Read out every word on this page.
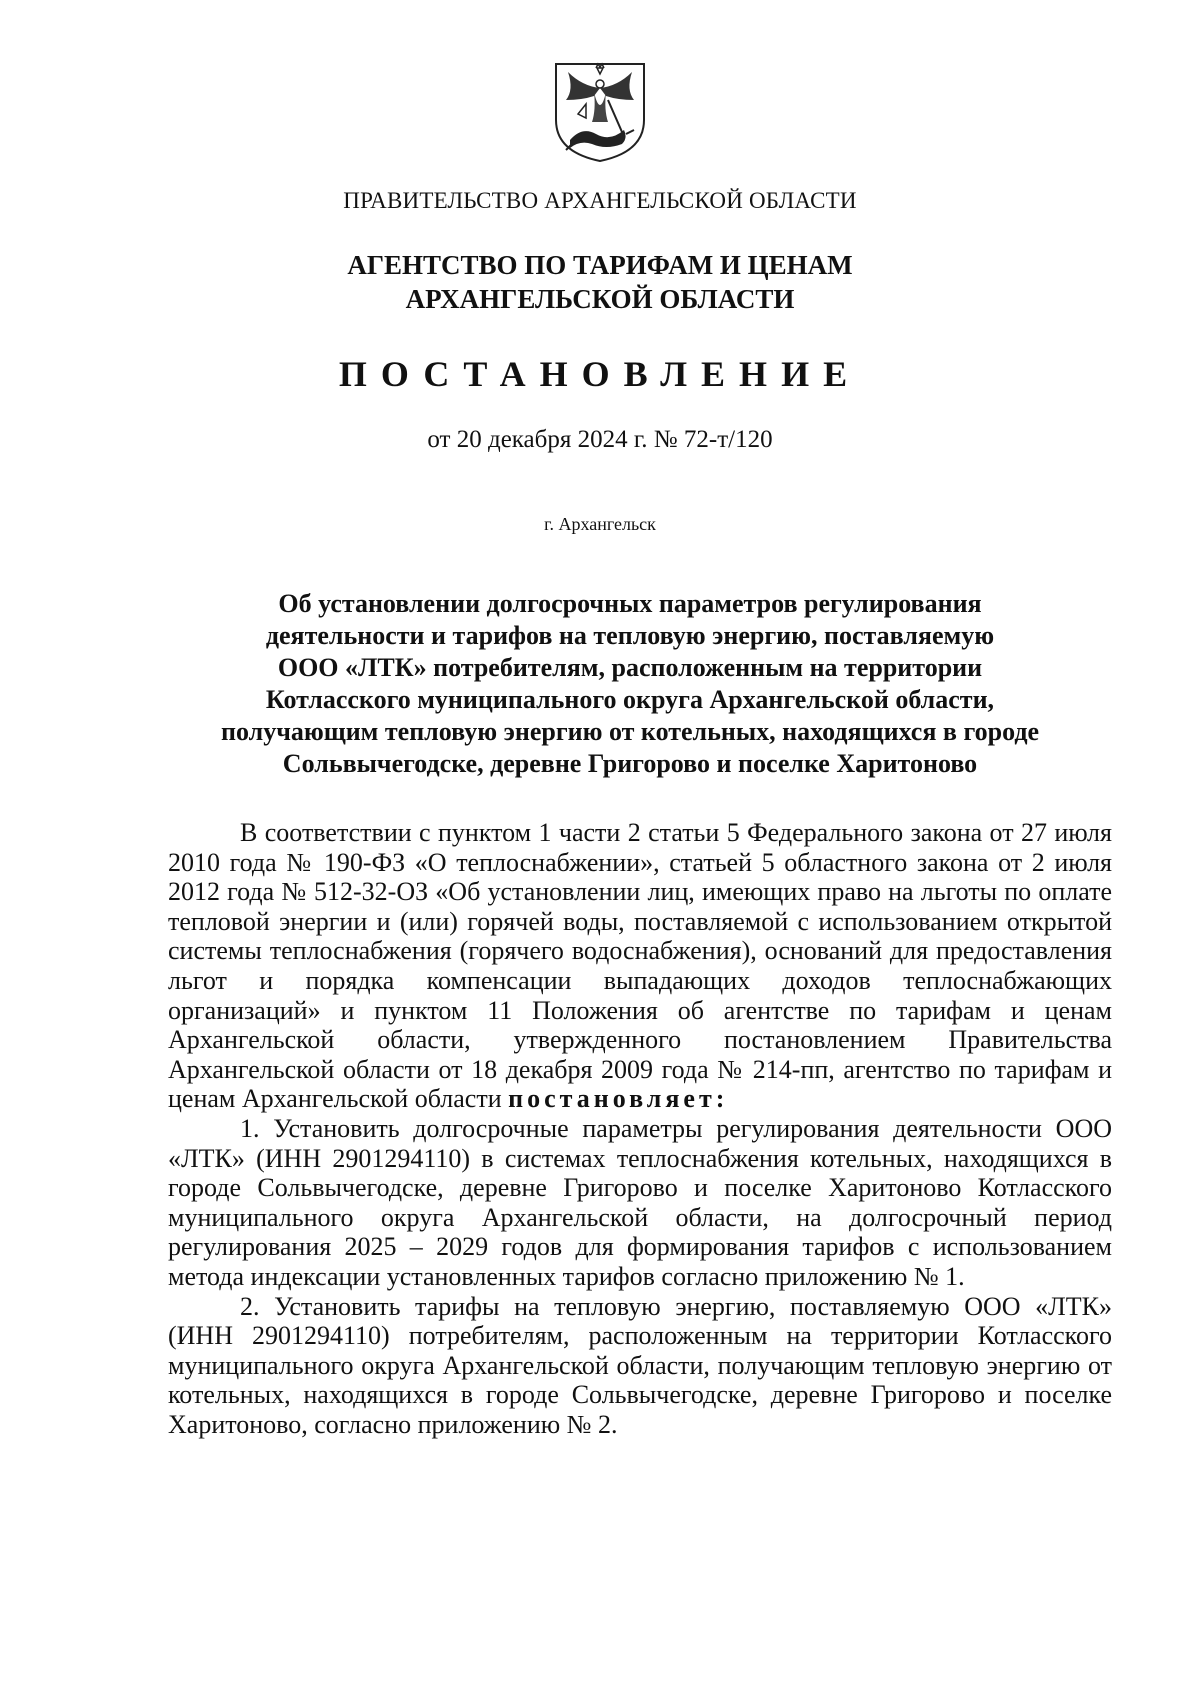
ПРАВИТЕЛЬСТВО АРХАНГЕЛЬСКОЙ ОБЛАСТИ
АГЕНТСТВО ПО ТАРИФАМ И ЦЕНАМ
АРХАНГЕЛЬСКОЙ ОБЛАСТИ
ПОСТАНОВЛЕНИЕ
от 20 декабря 2024 г. № 72-т/120
г. Архангельск
Об установлении долгосрочных параметров регулирования
деятельности и тарифов на тепловую энергию, поставляемую
ООО «ЛТК» потребителям, расположенным на территории
Котласского муниципального округа Архангельской области,
получающим тепловую энергию от котельных, находящихся в городе
Сольвычегодске, деревне Григорово и поселке Харитоново

В соответствии с пунктом 1 части 2 статьи 5 Федерального закона от 27 июля 2010 года № 190-ФЗ «О теплоснабжении», статьей 5 областного закона от 2 июля 2012 года № 512-32-ОЗ «Об установлении лиц, имеющих право на льготы по оплате тепловой энергии и (или) горячей воды, поставляемой с использованием открытой системы теплоснабжения (горячего водоснабжения), оснований для предоставления льгот и порядка компенсации выпадающих доходов теплоснабжающих организаций» и пунктом 11 Положения об агентстве по тарифам и ценам Архангельской области, утвержденного постановлением Правительства Архангельской области от 18 декабря 2009 года № 214-пп, агентство по тарифам и ценам Архангельской области постановляет:

1. Установить долгосрочные параметры регулирования деятельности ООО «ЛТК» (ИНН 2901294110) в системах теплоснабжения котельных, находящихся в городе Сольвычегодске, деревне Григорово и поселке Харитоново Котласского муниципального округа Архангельской области, на долгосрочный период регулирования 2025 – 2029 годов для формирования тарифов с использованием метода индексации установленных тарифов согласно приложению № 1.

2. Установить тарифы на тепловую энергию, поставляемую ООО «ЛТК» (ИНН 2901294110) потребителям, расположенным на территории Котласского муниципального округа Архангельской области, получающим тепловую энергию от котельных, находящихся в городе Сольвычегодске, деревне Григорово и поселке Харитоново, согласно приложению № 2.
